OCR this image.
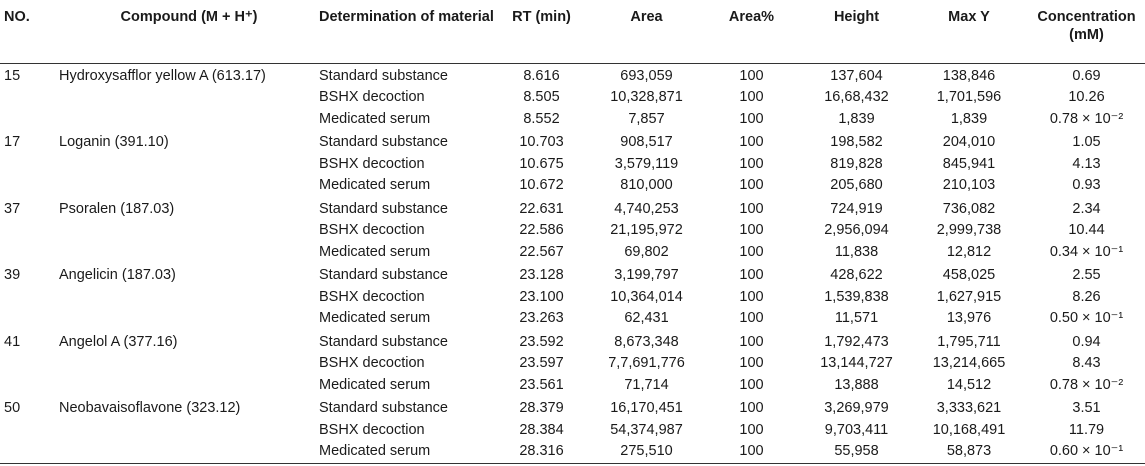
NO.	Compound (M + H⁺)	Determination of material	RT (min)	Area	Area%	Height	Max Y	Concentration (mM)
15	Hydroxysafflor yellow A (613.17)	Standard substance	8.616	693,059	100	137,604	138,846	0.69
		BSHX decoction	8.505	10,328,871	100	16,68,432	1,701,596	10.26
		Medicated serum	8.552	7,857	100	1,839	1,839	0.78 × 10⁻²
17	Loganin (391.10)	Standard substance	10.703	908,517	100	198,582	204,010	1.05
		BSHX decoction	10.675	3,579,119	100	819,828	845,941	4.13
		Medicated serum	10.672	810,000	100	205,680	210,103	0.93
37	Psoralen (187.03)	Standard substance	22.631	4,740,253	100	724,919	736,082	2.34
		BSHX decoction	22.586	21,195,972	100	2,956,094	2,999,738	10.44
		Medicated serum	22.567	69,802	100	11,838	12,812	0.34 × 10⁻¹
39	Angelicin (187.03)	Standard substance	23.128	3,199,797	100	428,622	458,025	2.55
		BSHX decoction	23.100	10,364,014	100	1,539,838	1,627,915	8.26
		Medicated serum	23.263	62,431	100	11,571	13,976	0.50 × 10⁻¹
41	Angelol A (377.16)	Standard substance	23.592	8,673,348	100	1,792,473	1,795,711	0.94
		BSHX decoction	23.597	7,7,691,776	100	13,144,727	13,214,665	8.43
		Medicated serum	23.561	71,714	100	13,888	14,512	0.78 × 10⁻²
50	Neobavaisoflavone (323.12)	Standard substance	28.379	16,170,451	100	3,269,979	3,333,621	3.51
		BSHX decoction	28.384	54,374,987	100	9,703,411	10,168,491	11.79
		Medicated serum	28.316	275,510	100	55,958	58,873	0.60 × 10⁻¹
